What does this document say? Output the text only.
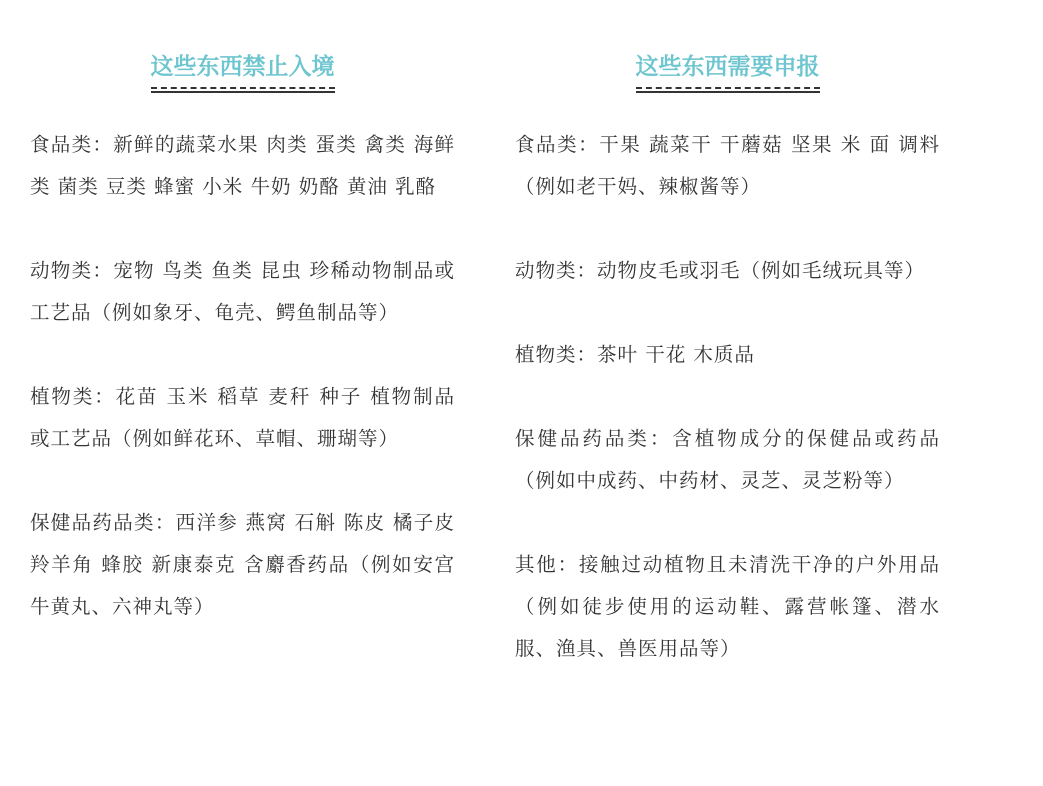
这些东西禁止入境

食品类：新鲜的蔬菜水果 肉类 蛋类 禽类 海鲜类 菌类 豆类 蜂蜜 小米 牛奶 奶酪 黄油 乳酪

动物类：宠物 鸟类 鱼类 昆虫 珍稀动物制品或工艺品（例如象牙、龟壳、鳄鱼制品等）

植物类：花苗 玉米 稻草 麦秆 种子 植物制品或工艺品（例如鲜花环、草帽、珊瑚等）

保健品药品类：西洋参 燕窝 石斛 陈皮 橘子皮 羚羊角 蜂胶 新康泰克 含麝香药品（例如安宫牛黄丸、六神丸等）

这些东西需要申报

食品类：干果 蔬菜干 干蘑菇 坚果 米 面 调料（例如老干妈、辣椒酱等）

动物类：动物皮毛或羽毛（例如毛绒玩具等）

植物类：茶叶 干花 木质品

保健品药品类：含植物成分的保健品或药品（例如中成药、中药材、灵芝、灵芝粉等）

其他：接触过动植物且未清洗干净的户外用品（例如徒步使用的运动鞋、露营帐篷、潜水服、渔具、兽医用品等）
